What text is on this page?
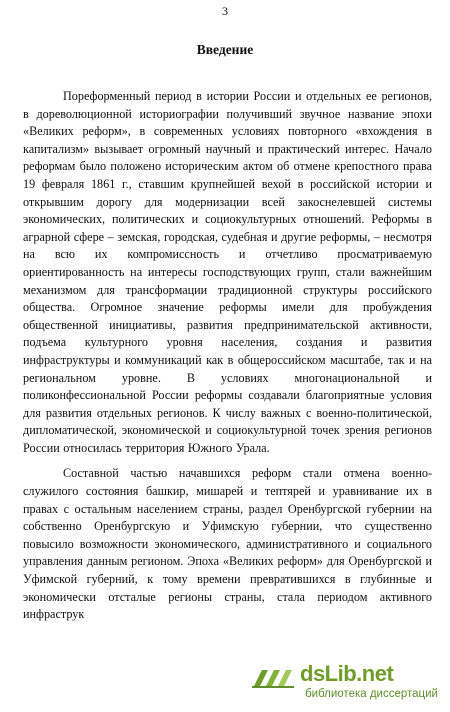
3
Введение

Пореформенный период в истории России и отдельных ее регионов, в дореволюционной историографии получивший звучное название эпохи «Великих реформ», в современных условиях повторного «вхождения в капитализм» вызывает огромный научный и практический интерес. Начало реформам было положено историческим актом об отмене крепостного права 19 февраля 1861 г., ставшим крупнейшей вехой в российской истории и открывшим дорогу для модернизации всей закоснелевшей системы экономических, политических и социокультурных отношений. Реформы в аграрной сфере – земская, городская, судебная и другие реформы, – несмотря на всю их компромиссность и отчетливо просматриваемую ориентированность на интересы господствующих групп, стали важнейшим механизмом для трансформации традиционной структуры российского общества. Огромное значение реформы имели для пробуждения общественной инициативы, развития предпринимательской активности, подъема культурного уровня населения, создания и развития инфраструктуры и коммуникаций как в общероссийском масштабе, так и на региональном уровне. В условиях многонациональной и поликонфессиональной России реформы создавали благоприятные условия для развития отдельных регионов. К числу важных с военно-политической, дипломатической, экономической и социокультурной точек зрения регионов России относилась территория Южного Урала.

Составной частью начавшихся реформ стали отмена военно-служилого состояния башкир, мишарей и тептярей и уравнивание их в правах с остальным населением страны, раздел Оренбургской губернии на собственно Оренбургскую и Уфимскую губернии, что существенно повысило возможности экономического, административного и социального управления данным регионом. Эпоха «Великих реформ» для Оренбургской и Уфимской губерний, к тому времени превратившихся в глубинные и экономически отсталые регионы страны, стала периодом активного инфраструк

dsLib.net
библиотека диссертаций
